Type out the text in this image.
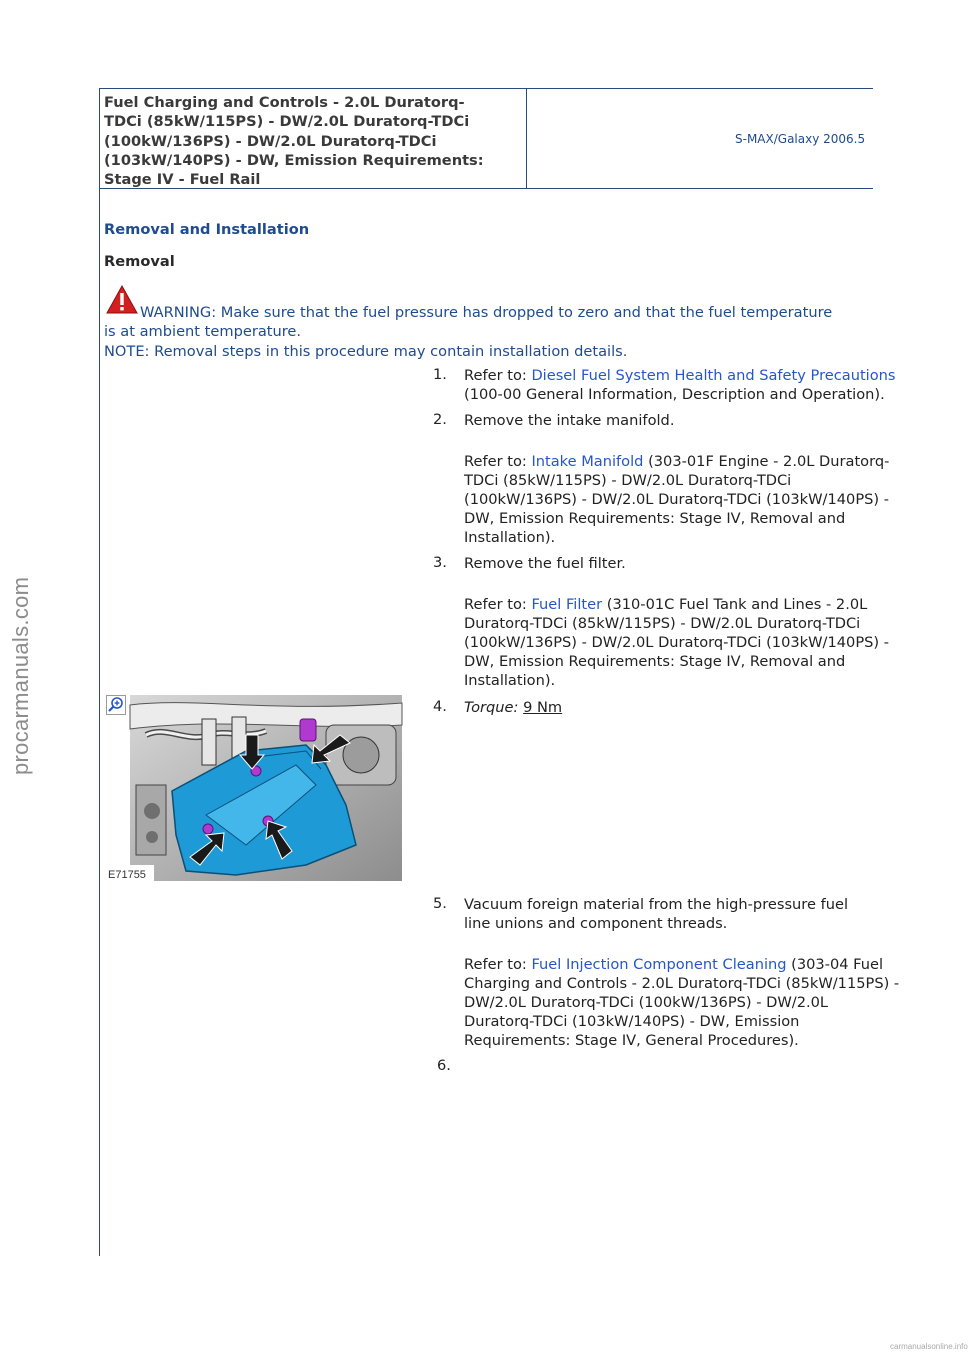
procarmanuals.com
Fuel Charging and Controls - 2.0L Duratorq-
TDCi (85kW/115PS) - DW/2.0L Duratorq-TDCi
(100kW/136PS) - DW/2.0L Duratorq-TDCi
(103kW/140PS) - DW, Emission Requirements:
Stage IV - Fuel Rail
S-MAX/Galaxy 2006.5
Removal and Installation
Removal
WARNING: Make sure that the fuel pressure has dropped to zero and that the fuel temperature
is at ambient temperature.
NOTE: Removal steps in this procedure may contain installation details.
1. Refer to: Diesel Fuel System Health and Safety Precautions

(100-00 General Information, Description and Operation).

2. Remove the intake manifold.

Refer to: Intake Manifold (303-01F Engine - 2.0L Duratorq-

TDCi (85kW/115PS) - DW/2.0L Duratorq-TDCi

(100kW/136PS) - DW/2.0L Duratorq-TDCi (103kW/140PS) -

DW, Emission Requirements: Stage IV, Removal and

Installation).

3. Remove the fuel filter.

Refer to: Fuel Filter (310-01C Fuel Tank and Lines - 2.0L

Duratorq-TDCi (85kW/115PS) - DW/2.0L Duratorq-TDCi

(100kW/136PS) - DW/2.0L Duratorq-TDCi (103kW/140PS) -

DW, Emission Requirements: Stage IV, Removal and

Installation).

E71755
4. Torque: 9 Nm

5. Vacuum foreign material from the high-pressure fuel

line unions and component threads.

Refer to: Fuel Injection Component Cleaning (303-04 Fuel

Charging and Controls - 2.0L Duratorq-TDCi (85kW/115PS) -

DW/2.0L Duratorq-TDCi (100kW/136PS) - DW/2.0L

Duratorq-TDCi (103kW/140PS) - DW, Emission

Requirements: Stage IV, General Procedures).

6.
carmanualsonline.info
